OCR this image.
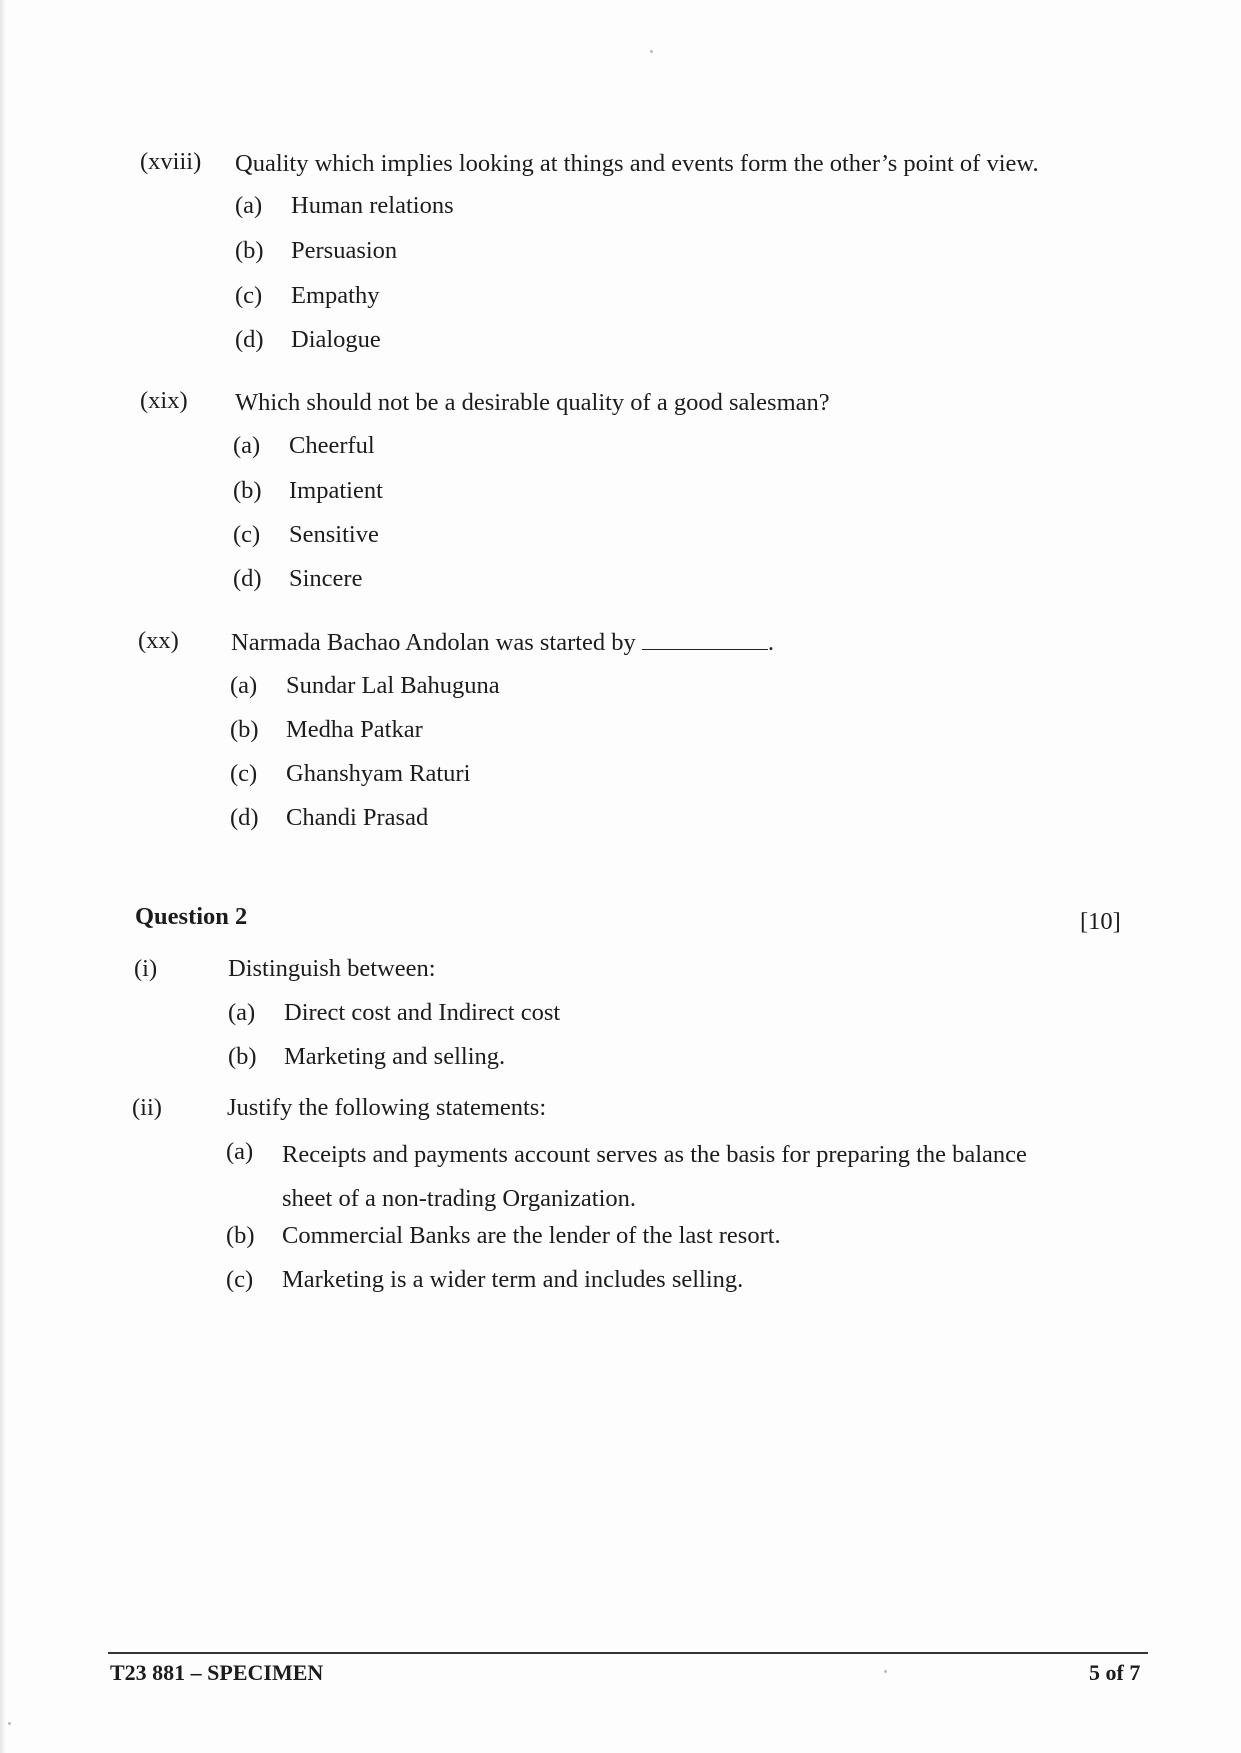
(xviii) Quality which implies looking at things and events form the other’s point of view.
(a) Human relations
(b) Persuasion
(c) Empathy
(d) Dialogue
(xix) Which should not be a desirable quality of a good salesman?
(a) Cheerful
(b) Impatient
(c) Sensitive
(d) Sincere
(xx) Narmada Bachao Andolan was started by	.
(a) Sundar Lal Bahuguna
(b) Medha Patkar
(c) Ghanshyam Raturi
(d) Chandi Prasad
Question 2	[10]
(i)	Distinguish between:
(a) Direct cost and Indirect cost
(b) Marketing and selling.
(ii)	Justify the following statements:
(a) Receipts and payments account serves as the basis for preparing the balance sheet of a non-trading Organization.
(b) Commercial Banks are the lender of the last resort.
(c) Marketing is a wider term and includes selling.
T23 881 – SPECIMEN	5 of 7
